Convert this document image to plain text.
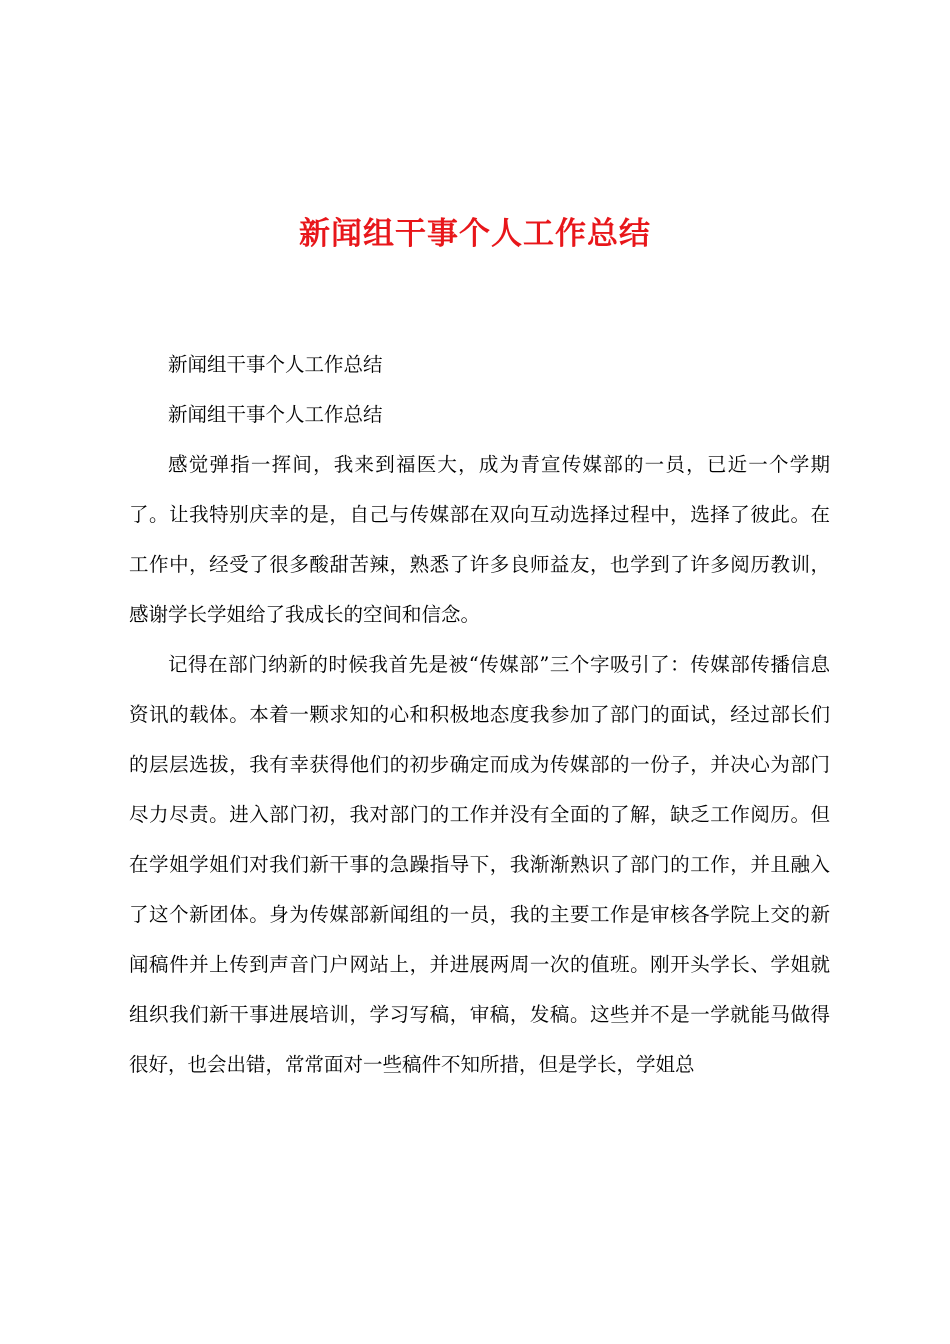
新闻组干事个人工作总结

新闻组干事个人工作总结

新闻组干事个人工作总结

感觉弹指一挥间，我来到福医大，成为青宣传媒部的一员，已近一个学期了。让我特别庆幸的是，自己与传媒部在双向互动选择过程中，选择了彼此。在工作中，经受了很多酸甜苦辣，熟悉了许多良师益友，也学到了许多阅历教训，感谢学长学姐给了我成长的空间和信念。

记得在部门纳新的时候我首先是被“传媒部”三个字吸引了：传媒部传播信息资讯的载体。本着一颗求知的心和积极地态度我参加了部门的面试，经过部长们的层层选拔，我有幸获得他们的初步确定而成为传媒部的一份子，并决心为部门尽力尽责。进入部门初，我对部门的工作并没有全面的了解，缺乏工作阅历。但在学姐学姐们对我们新干事的急躁指导下，我渐渐熟识了部门的工作，并且融入了这个新团体。身为传媒部新闻组的一员，我的主要工作是审核各学院上交的新闻稿件并上传到声音门户网站上，并进展两周一次的值班。刚开头学长、学姐就组织我们新干事进展培训，学习写稿，审稿，发稿。这些并不是一学就能马做得很好，也会出错，常常面对一些稿件不知所措，但是学长，学姐总
